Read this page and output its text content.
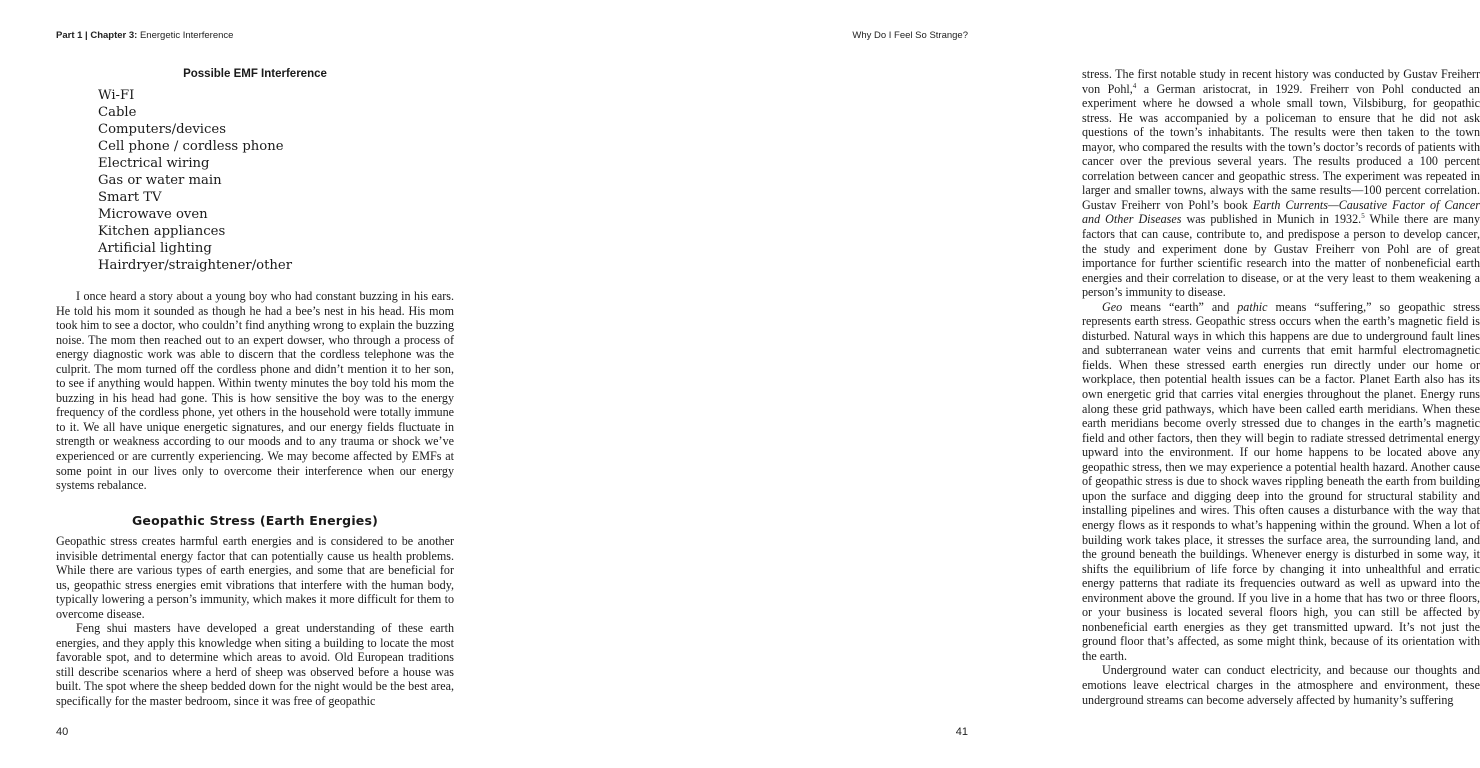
Part 1 | Chapter 3: Energetic Interference
Possible EMF Interference
Wi-FI
Cable
Computers/devices
Cell phone / cordless phone
Electrical wiring
Gas or water main
Smart TV
Microwave oven
Kitchen appliances
Artificial lighting
Hairdryer/straightener/other

I once heard a story about a young boy who had constant buzzing in his ears. He told his mom it sounded as though he had a bee’s nest in his head. His mom took him to see a doctor, who couldn’t find anything wrong to explain the buzzing noise. The mom then reached out to an expert dowser, who through a process of energy diagnostic work was able to discern that the cordless telephone was the culprit. The mom turned off the cordless phone and didn’t mention it to her son, to see if anything would happen. Within twenty minutes the boy told his mom the buzzing in his head had gone. This is how sensitive the boy was to the energy frequency of the cordless phone, yet others in the household were totally immune to it. We all have unique energetic signatures, and our energy fields fluctuate in strength or weakness according to our moods and to any trauma or shock we’ve experienced or are currently experiencing. We may become affected by EMFs at some point in our lives only to overcome their interference when our energy systems rebalance.

Geopathic Stress (Earth Energies)

Geopathic stress creates harmful earth energies and is considered to be another invisible detrimental energy factor that can potentially cause us health problems. While there are various types of earth energies, and some that are beneficial for us, geopathic stress energies emit vibrations that interfere with the human body, typically lowering a person’s immunity, which makes it more difficult for them to overcome disease.

Feng shui masters have developed a great understanding of these earth energies, and they apply this knowledge when siting a building to locate the most favorable spot, and to determine which areas to avoid. Old European traditions still describe scenarios where a herd of sheep was observed before a house was built. The spot where the sheep bedded down for the night would be the best area, specifically for the master bedroom, since it was free of geopathic

40
Why Do I Feel So Strange?

stress. The first notable study in recent history was conducted by Gustav Freiherr von Pohl,$^4$ a German aristocrat, in 1929. Freiherr von Pohl conducted an experiment where he dowsed a whole small town, Vilsbiburg, for geopathic stress. He was accompanied by a policeman to ensure that he did not ask questions of the town’s inhabitants. The results were then taken to the town mayor, who compared the results with the town’s doctor’s records of patients with cancer over the previous several years. The results produced a 100 percent correlation between cancer and geopathic stress. The experiment was repeated in larger and smaller towns, always with the same results—100 percent correlation. Gustav Freiherr von Pohl’s book Earth Currents—Causative Factor of Cancer and Other Diseases was published in Munich in 1932.$^5$ While there are many factors that can cause, contribute to, and predispose a person to develop cancer, the study and experiment done by Gustav Freiherr von Pohl are of great importance for further scientific research into the matter of nonbeneficial earth energies and their correlation to disease, or at the very least to them weakening a person’s immunity to disease.

Geo means “earth” and pathic means “suffering,” so geopathic stress represents earth stress. Geopathic stress occurs when the earth’s magnetic field is disturbed. Natural ways in which this happens are due to underground fault lines and subterranean water veins and currents that emit harmful electromagnetic fields. When these stressed earth energies run directly under our home or workplace, then potential health issues can be a factor. Planet Earth also has its own energetic grid that carries vital energies throughout the planet. Energy runs along these grid pathways, which have been called earth meridians. When these earth meridians become overly stressed due to changes in the earth’s magnetic field and other factors, then they will begin to radiate stressed detrimental energy upward into the environment. If our home happens to be located above any geopathic stress, then we may experience a potential health hazard. Another cause of geopathic stress is due to shock waves rippling beneath the earth from building upon the surface and digging deep into the ground for structural stability and installing pipelines and wires. This often causes a disturbance with the way that energy flows as it responds to what’s happening within the ground. When a lot of building work takes place, it stresses the surface area, the surrounding land, and the ground beneath the buildings. Whenever energy is disturbed in some way, it shifts the equilibrium of life force by changing it into unhealthful and erratic energy patterns that radiate its frequencies outward as well as upward into the environment above the ground. If you live in a home that has two or three floors, or your business is located several floors high, you can still be affected by nonbeneficial earth energies as they get transmitted upward. It’s not just the ground floor that’s affected, as some might think, because of its orientation with the earth.

Underground water can conduct electricity, and because our thoughts and emotions leave electrical charges in the atmosphere and environment, these underground streams can become adversely affected by humanity’s suffering

41
